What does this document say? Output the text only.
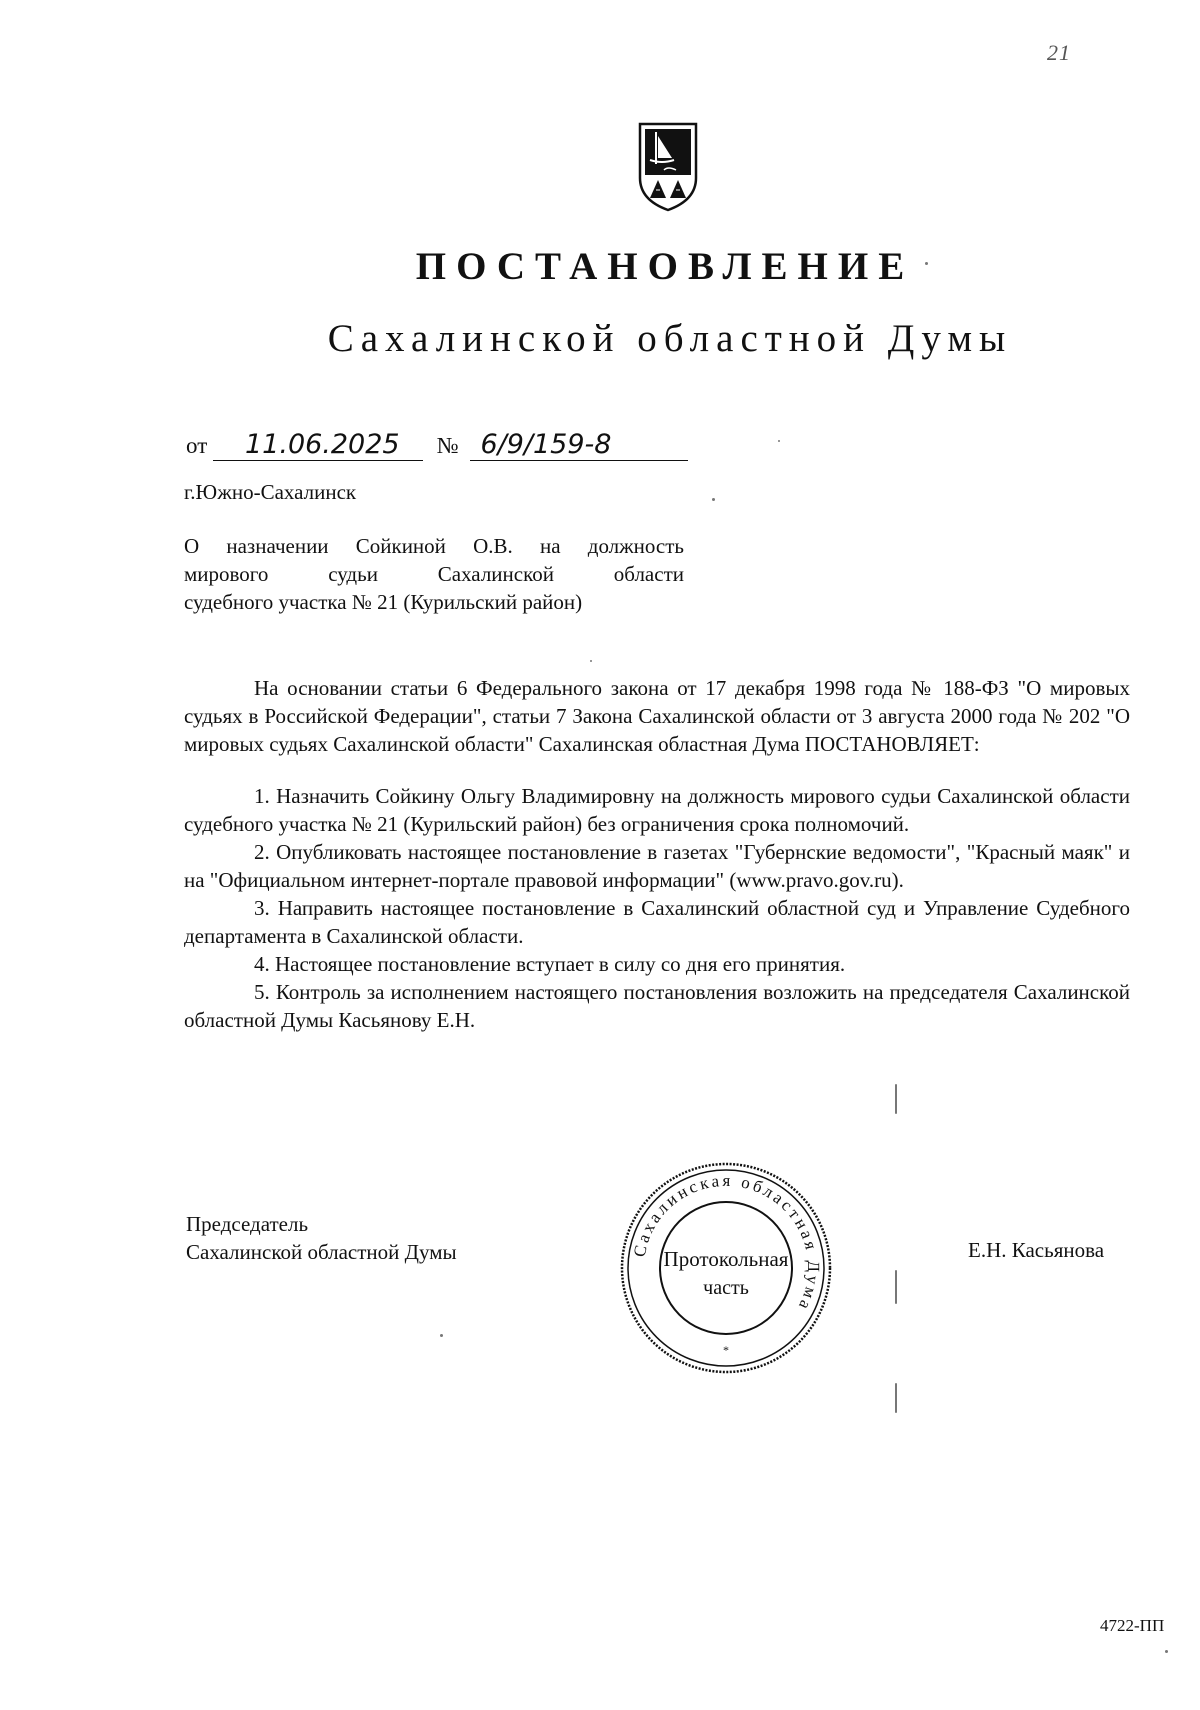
21
ПОСТАНОВЛЕНИЕ
Сахалинской областной Думы
от 11.06.2025 № 6/9/159-8
г.Южно-Сахалинск
О назначении Сойкиной О.В. на должность
мирового судьи Сахалинской области
судебного участка № 21 (Курильский район)

На основании статьи 6 Федерального закона от 17 декабря 1998 года № 188-ФЗ "О мировых судьях в Российской Федерации", статьи 7 Закона Сахалинской области от 3 августа 2000 года № 202 "О мировых судьях Сахалинской области" Сахалинская областная Дума ПОСТАНОВЛЯЕТ:

1. Назначить Сойкину Ольгу Владимировну на должность мирового судьи Сахалинской области судебного участка № 21 (Курильский район) без ограничения срока полномочий.

2. Опубликовать настоящее постановление в газетах "Губернские ведомости", "Красный маяк" и на "Официальном интернет-портале правовой информации" (www.pravo.gov.ru).

3. Направить настоящее постановление в Сахалинский областной суд и Управление Судебного департамента в Сахалинской области.

4. Настоящее постановление вступает в силу со дня его принятия.

5. Контроль за исполнением настоящего постановления возложить на председателя Сахалинской областной Думы Касьянову Е.Н.

Председатель
Сахалинской областной Думы	Сахалинская областная Дума
*
Протокольная
часть
Е.Н. Касьянова
4722-ПП
